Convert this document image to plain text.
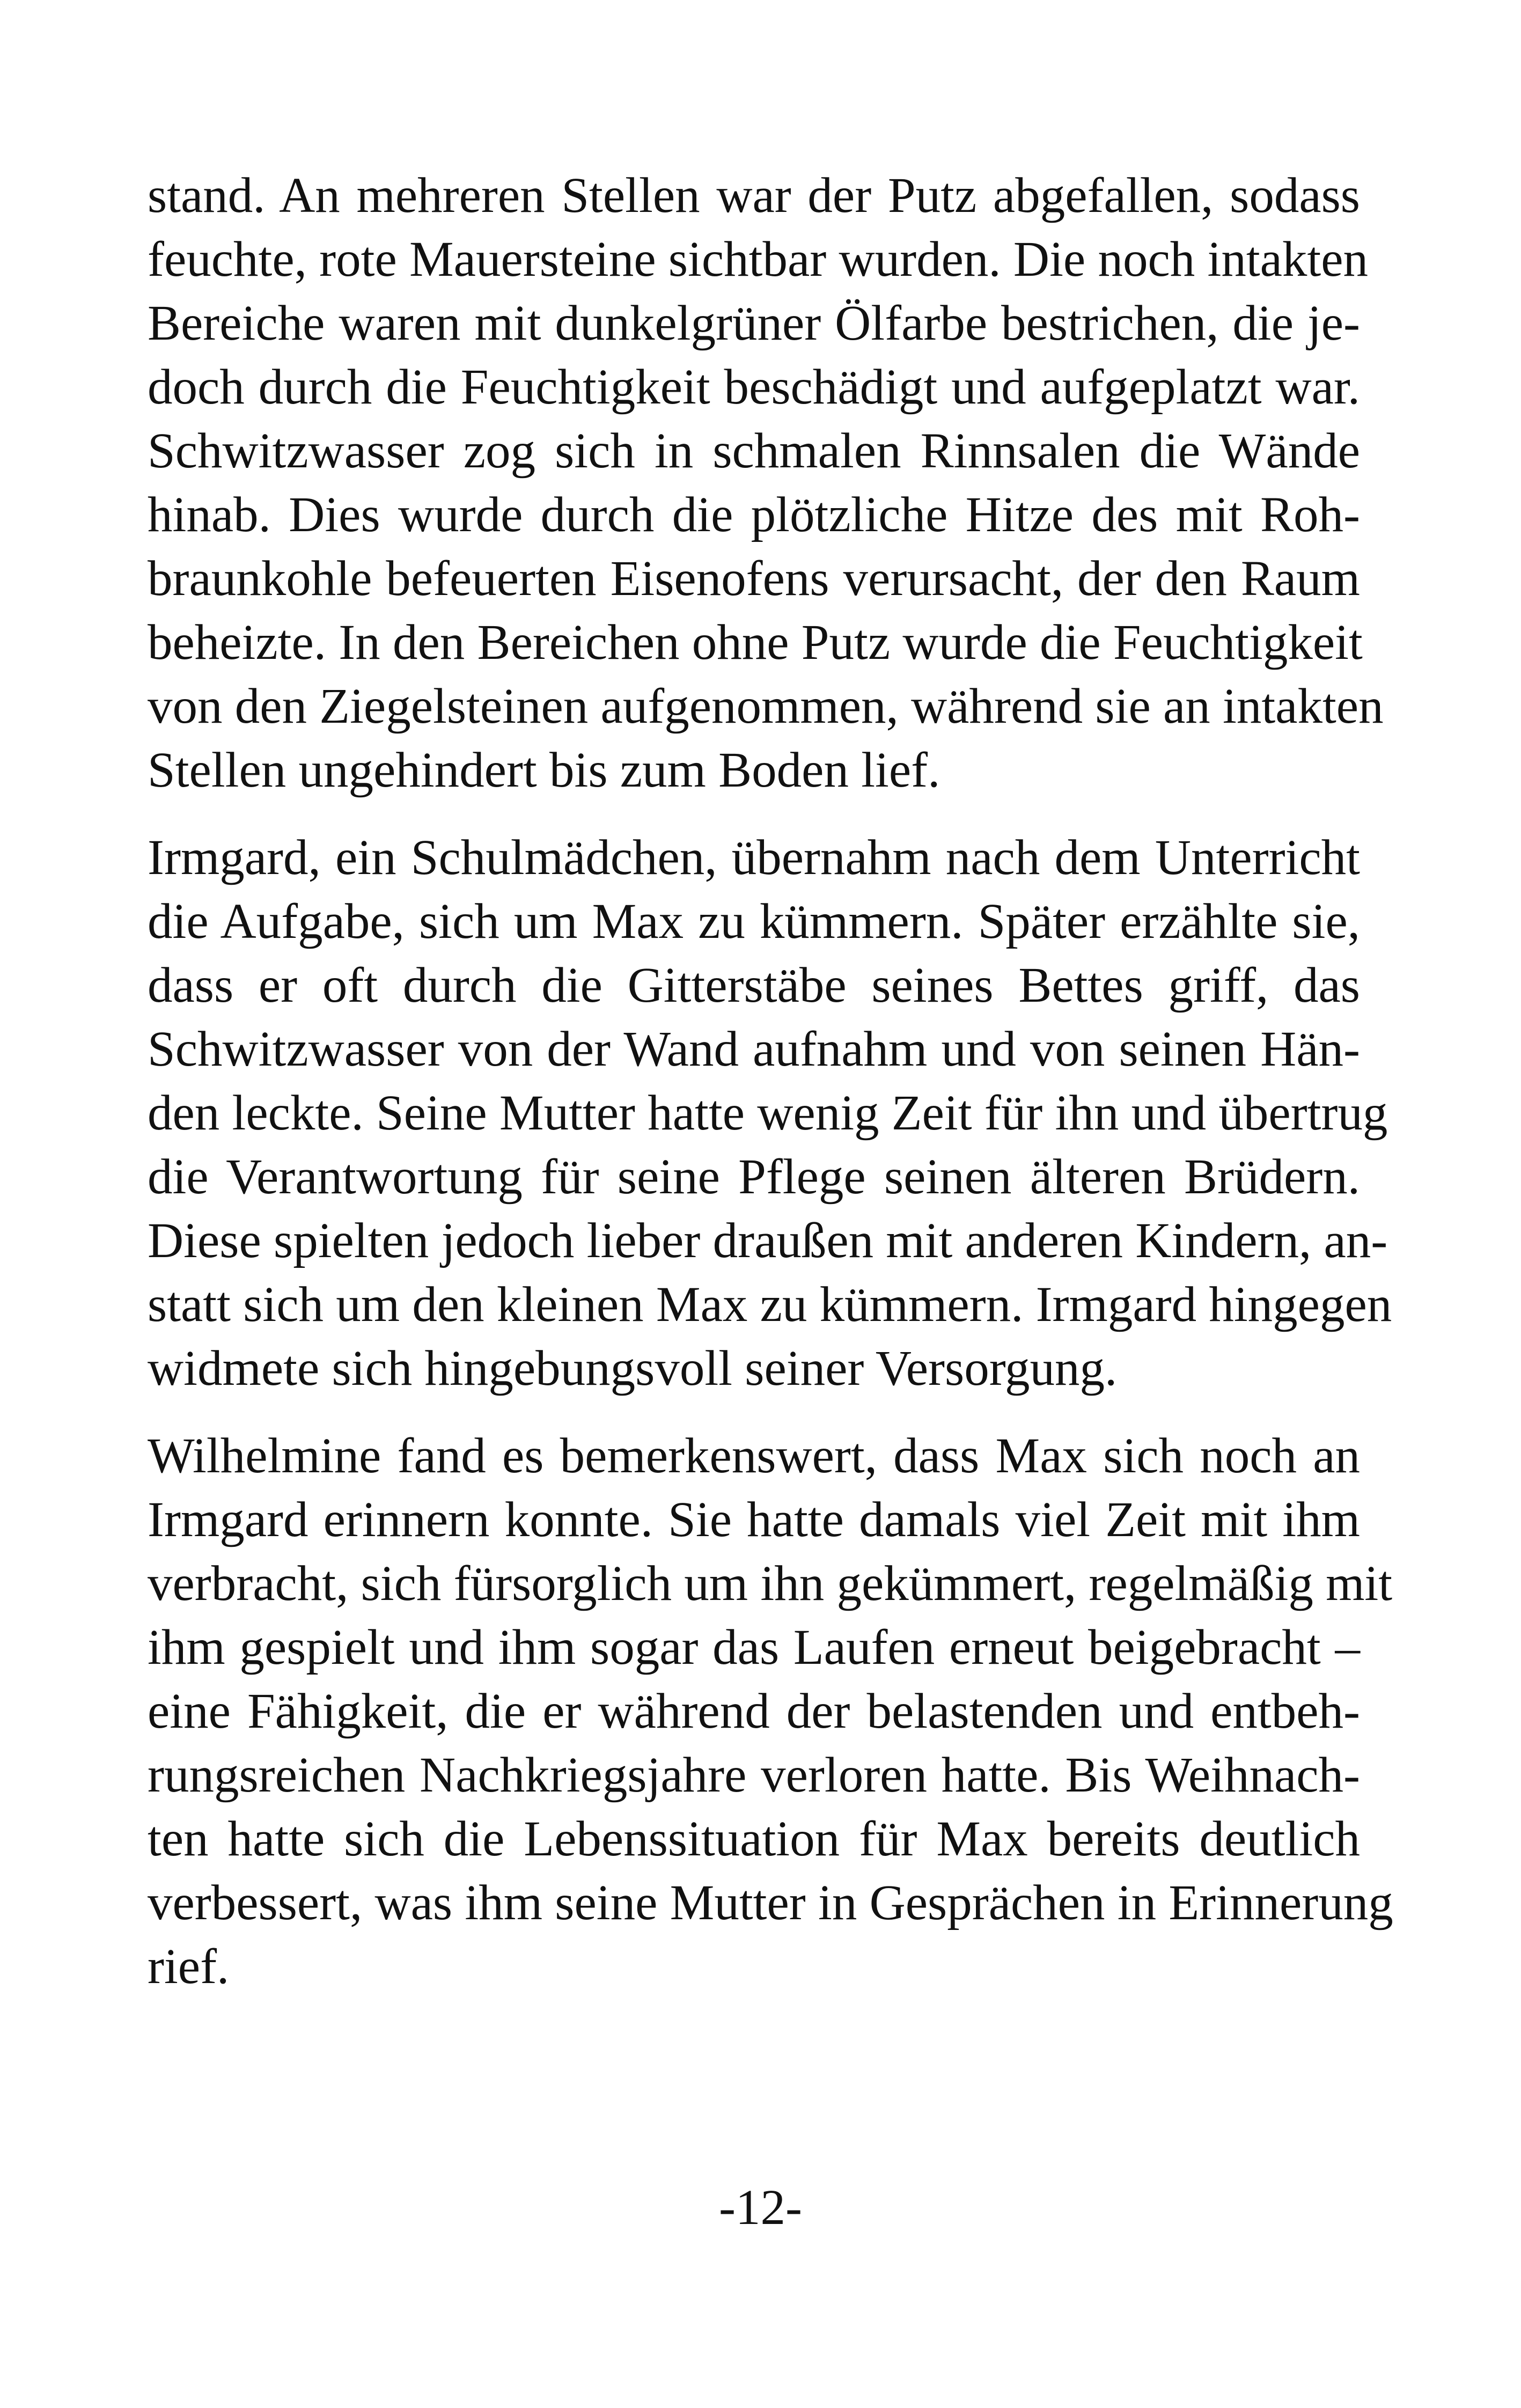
stand. An mehreren Stellen war der Putz abgefallen, sodass
feuchte, rote Mauersteine sichtbar wurden. Die noch intakten
Bereiche waren mit dunkelgrüner Ölfarbe bestrichen, die je-
doch durch die Feuchtigkeit beschädigt und aufgeplatzt war.
Schwitzwasser zog sich in schmalen Rinnsalen die Wände
hinab. Dies wurde durch die plötzliche Hitze des mit Roh-
braunkohle befeuerten Eisenofens verursacht, der den Raum
beheizte. In den Bereichen ohne Putz wurde die Feuchtigkeit
von den Ziegelsteinen aufgenommen, während sie an intakten
Stellen ungehindert bis zum Boden lief.

Irmgard, ein Schulmädchen, übernahm nach dem Unterricht
die Aufgabe, sich um Max zu kümmern. Später erzählte sie,
dass er oft durch die Gitterstäbe seines Bettes griff, das
Schwitzwasser von der Wand aufnahm und von seinen Hän-
den leckte. Seine Mutter hatte wenig Zeit für ihn und übertrug
die Verantwortung für seine Pflege seinen älteren Brüdern.
Diese spielten jedoch lieber draußen mit anderen Kindern, an-
statt sich um den kleinen Max zu kümmern. Irmgard hingegen
widmete sich hingebungsvoll seiner Versorgung.

Wilhelmine fand es bemerkenswert, dass Max sich noch an
Irmgard erinnern konnte. Sie hatte damals viel Zeit mit ihm
verbracht, sich fürsorglich um ihn gekümmert, regelmäßig mit
ihm gespielt und ihm sogar das Laufen erneut beigebracht –
eine Fähigkeit, die er während der belastenden und entbeh-
rungsreichen Nachkriegsjahre verloren hatte. Bis Weihnach-
ten hatte sich die Lebenssituation für Max bereits deutlich
verbessert, was ihm seine Mutter in Gesprächen in Erinnerung
rief.

-12-
